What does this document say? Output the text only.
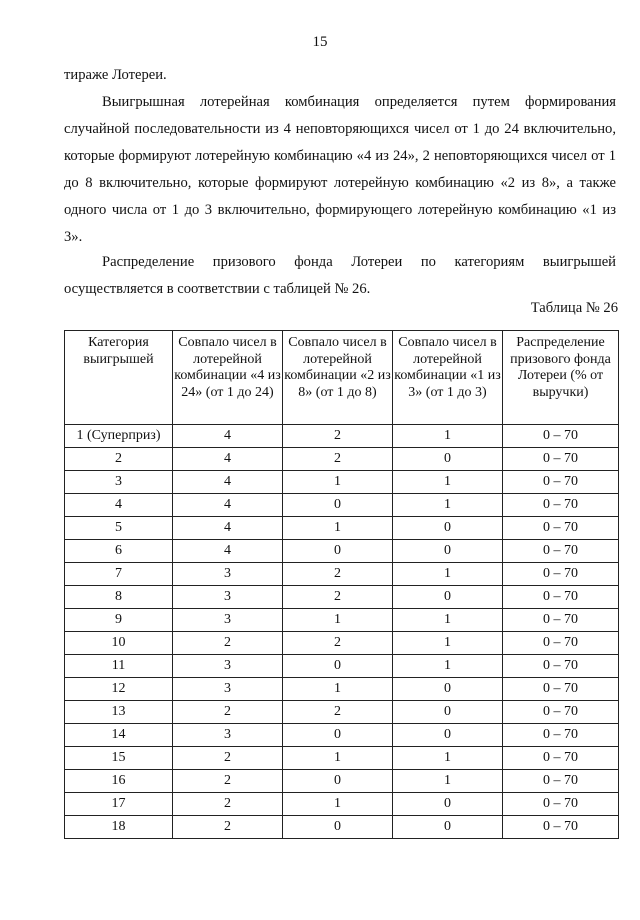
15

тираже Лотереи.

Выигрышная лотерейная комбинация определяется путем формирования случайной последовательности из 4 неповторяющихся чисел от 1 до 24 включительно, которые формируют лотерейную комбинацию «4 из 24», 2 неповторяющихся чисел от 1 до 8 включительно, которые формируют лотерейную комбинацию «2 из 8», а также одного числа от 1 до 3 включительно, формирующего лотерейную комбинацию «1 из 3».

Распределение призового фонда Лотереи по категориям выигрышей осуществляется в соответствии с таблицей № 26.

Таблица № 26
Категория выигрышей	Совпало чисел в лотерейной комбинации «4 из 24» (от 1 до 24)	Совпало чисел в лотерейной комбинации «2 из 8» (от 1 до 8)	Совпало чисел в лотерейной комбинации «1 из 3» (от 1 до 3)	Распределение призового фонда Лотереи (% от выручки)
1 (Суперприз)	4	2	1	0 – 70
2	4	2	0	0 – 70
3	4	1	1	0 – 70
4	4	0	1	0 – 70
5	4	1	0	0 – 70
6	4	0	0	0 – 70
7	3	2	1	0 – 70
8	3	2	0	0 – 70
9	3	1	1	0 – 70
10	2	2	1	0 – 70
11	3	0	1	0 – 70
12	3	1	0	0 – 70
13	2	2	0	0 – 70
14	3	0	0	0 – 70
15	2	1	1	0 – 70
16	2	0	1	0 – 70
17	2	1	0	0 – 70
18	2	0	0	0 – 70
